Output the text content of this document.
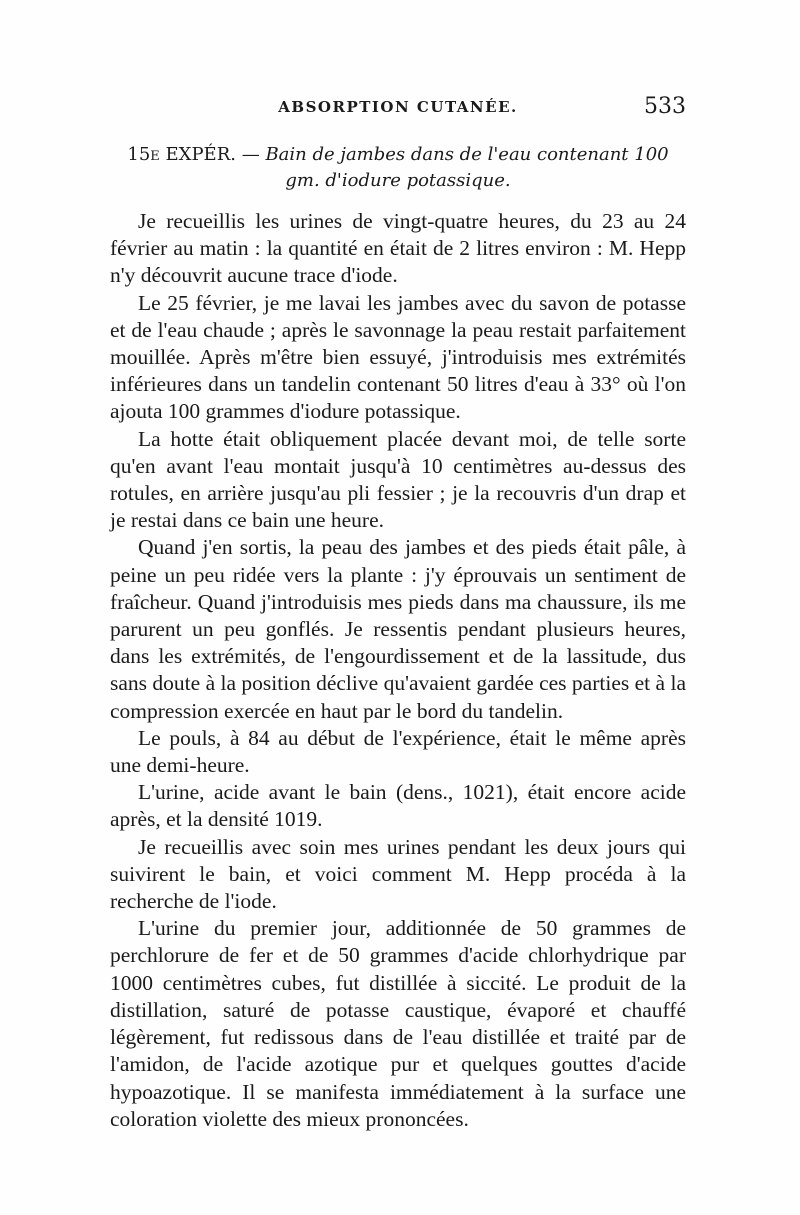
ABSORPTION CUTANÉE.	533
15e EXPÉR. — Bain de jambes dans de l'eau contenant 100 gm. d'iodure potassique.

Je recueillis les urines de vingt-quatre heures, du 23 au 24 février au matin : la quantité en était de 2 litres environ : M. Hepp n'y découvrit aucune trace d'iode.

Le 25 février, je me lavai les jambes avec du savon de potasse et de l'eau chaude ; après le savonnage la peau restait parfaitement mouillée. Après m'être bien essuyé, j'introduisis mes extrémités inférieures dans un tandelin contenant 50 litres d'eau à 33° où l'on ajouta 100 grammes d'iodure potassique.

La hotte était obliquement placée devant moi, de telle sorte qu'en avant l'eau montait jusqu'à 10 centimètres au-dessus des rotules, en arrière jusqu'au pli fessier ; je la recouvris d'un drap et je restai dans ce bain une heure.

Quand j'en sortis, la peau des jambes et des pieds était pâle, à peine un peu ridée vers la plante : j'y éprouvais un sentiment de fraîcheur. Quand j'introduisis mes pieds dans ma chaussure, ils me parurent un peu gonflés. Je ressentis pendant plusieurs heures, dans les extrémités, de l'engourdissement et de la lassitude, dus sans doute à la position déclive qu'avaient gardée ces parties et à la compression exercée en haut par le bord du tandelin.

Le pouls, à 84 au début de l'expérience, était le même après une demi-heure.

L'urine, acide avant le bain (dens., 1021), était encore acide après, et la densité 1019.

Je recueillis avec soin mes urines pendant les deux jours qui suivirent le bain, et voici comment M. Hepp procéda à la recherche de l'iode.

L'urine du premier jour, additionnée de 50 grammes de perchlorure de fer et de 50 grammes d'acide chlorhydrique par 1000 centimètres cubes, fut distillée à siccité. Le produit de la distillation, saturé de potasse caustique, évaporé et chauffé légèrement, fut redissous dans de l'eau distillée et traité par de l'amidon, de l'acide azotique pur et quelques gouttes d'acide hypoazotique. Il se manifesta immédiatement à la surface une coloration violette des mieux prononcées.
